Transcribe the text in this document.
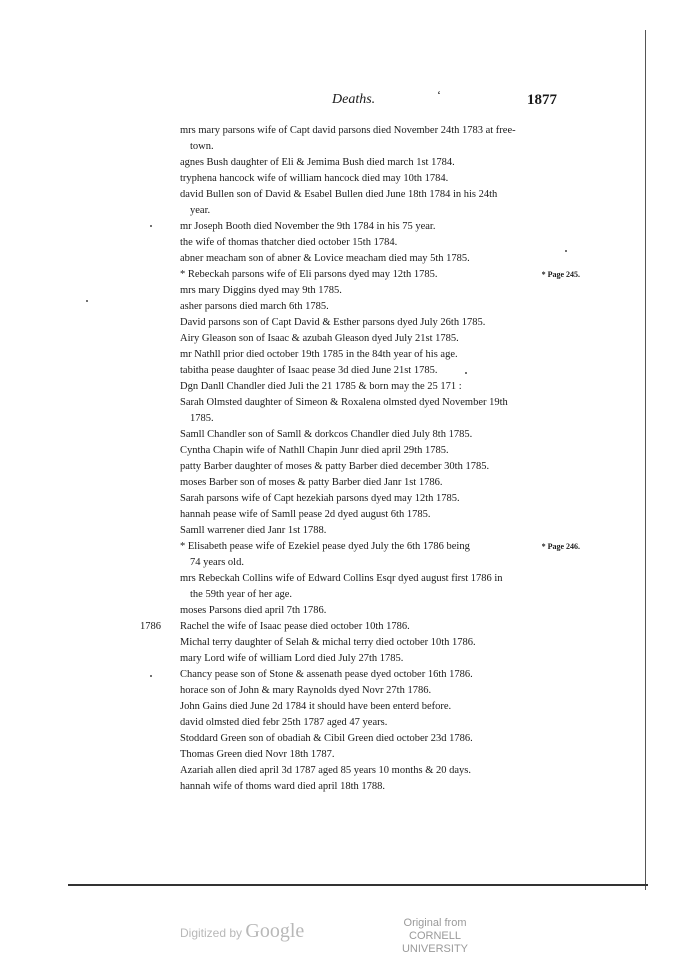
Deaths.	‘	1877
mrs mary parsons wife of Capt david parsons died November 24th 1783 at free-
town.
agnes Bush daughter of Eli & Jemima Bush died march 1st 1784.
tryphena hancock wife of william hancock died may 10th 1784.
david Bullen son of David & Esabel Bullen died June 18th 1784 in his 24th
year.
mr Joseph Booth died November the 9th 1784 in his 75 year.
the wife of thomas thatcher died october 15th 1784.
abner meacham son of abner & Lovice meacham died may 5th 1785.
* Rebeckah parsons wife of Eli parsons dyed may 12th 1785.	* Page 245.
mrs mary Diggins dyed may 9th 1785.
asher parsons died march 6th 1785.
David parsons son of Capt David & Esther parsons dyed July 26th 1785.
Airy Gleason son of Isaac & azubah Gleason dyed July 21st 1785.
mr Nathll prior died october 19th 1785 in the 84th year of his age.
tabitha pease daughter of Isaac pease 3d died June 21st 1785.
Dgn Danll Chandler died Juli the 21 1785 & born may the 25 171 :
Sarah Olmsted daughter of Simeon & Roxalena olmsted dyed November 19th
1785.
Samll Chandler son of Samll & dorkcos Chandler died July 8th 1785.
Cyntha Chapin wife of Nathll Chapin Junr died april 29th 1785.
patty Barber daughter of moses & patty Barber died december 30th 1785.
moses Barber son of moses & patty Barber died Janr 1st 1786.
Sarah parsons wife of Capt hezekiah parsons dyed may 12th 1785.
hannah pease wife of Samll pease 2d dyed august 6th 1785.
Samll warrener died Janr 1st 1788.
* Elisabeth pease wife of Ezekiel pease dyed July the 6th 1786 being	* Page 246.
74 years old.
mrs Rebeckah Collins wife of Edward Collins Esqr dyed august first 1786 in
the 59th year of her age.
moses Parsons died april 7th 1786.
1786 Rachel the wife of Isaac pease died october 10th 1786.
Michal terry daughter of Selah & michal terry died october 10th 1786.
mary Lord wife of william Lord died July 27th 1785.
Chancy pease son of Stone & assenath pease dyed october 16th 1786.
horace son of John & mary Raynolds dyed Novr 27th 1786.
John Gains died June 2d 1784 it should have been enterd before.
david olmsted died febr 25th 1787 aged 47 years.
Stoddard Green son of obadiah & Cibil Green died october 23d 1786.
Thomas Green died Novr 18th 1787.
Azariah allen died april 3d 1787 aged 85 years 10 months & 20 days.
hannah wife of thoms ward died april 18th 1788.
Digitized by Google	Original from
CORNELL UNIVERSITY
